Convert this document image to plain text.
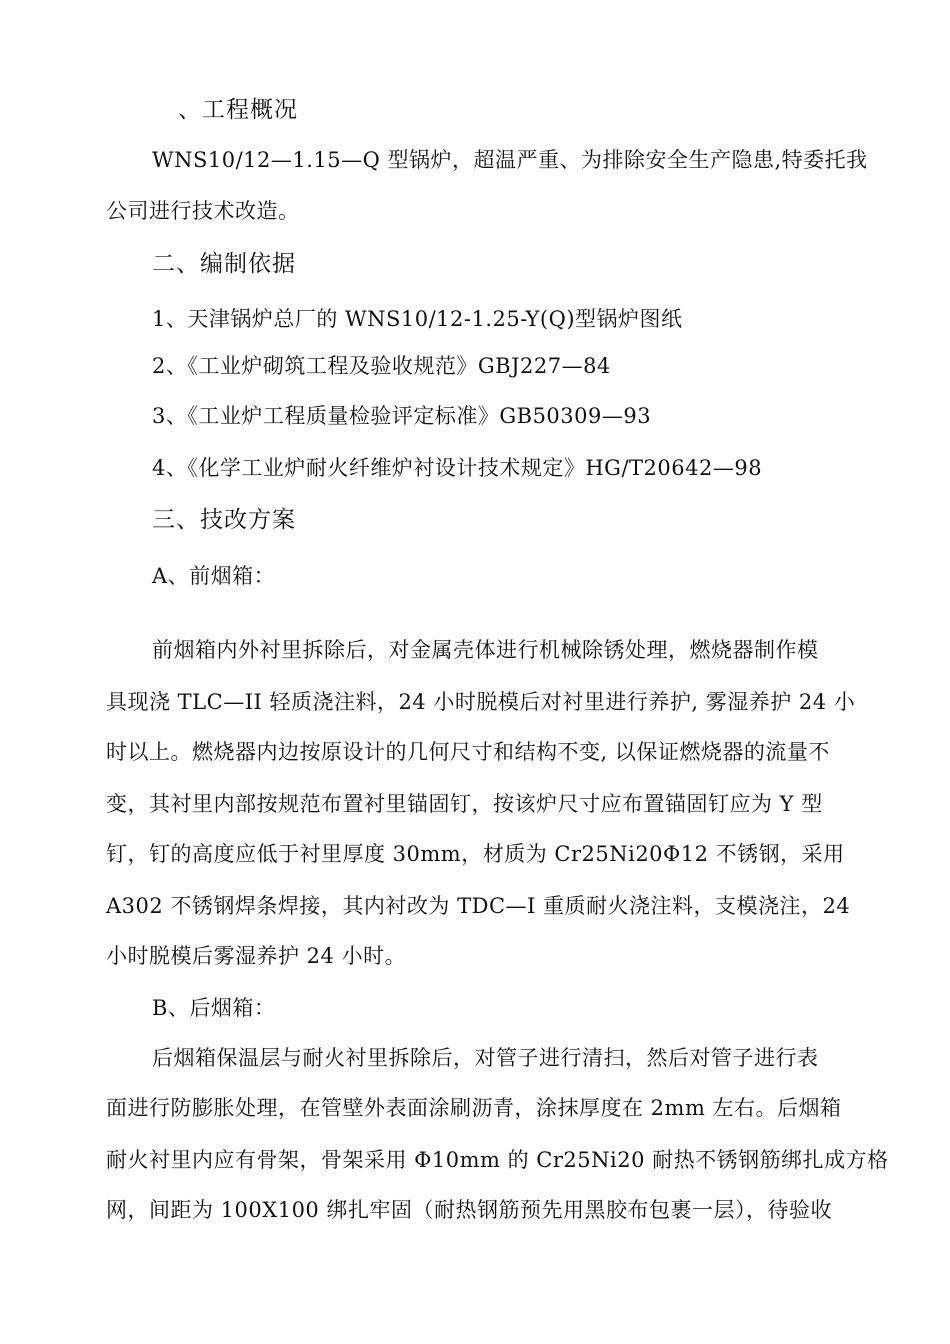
、工程概况
WNS10/12—1.15—Q 型锅炉，超温严重、为排除安全生产隐患,特委托我
公司进行技术改造。
二、编制依据
1、天津锅炉总厂的 WNS10/12-1.25-Y(Q)型锅炉图纸
2、《工业炉砌筑工程及验收规范》GBJ227—84
3、《工业炉工程质量检验评定标准》GB50309—93
4、《化学工业炉耐火纤维炉衬设计技术规定》HG/T20642—98
三、技改方案
A、前烟箱：
前烟箱内外衬里拆除后，对金属壳体进行机械除锈处理，燃烧器制作模
具现浇 TLC—II 轻质浇注料，24 小时脱模后对衬里进行养护, 雾湿养护 24 小
时以上。燃烧器内边按原设计的几何尺寸和结构不变, 以保证燃烧器的流量不
变，其衬里内部按规范布置衬里锚固钉，按该炉尺寸应布置锚固钉应为 Y 型
钉，钉的高度应低于衬里厚度 30mm，材质为 Cr25Ni20Φ12 不锈钢，采用
A302 不锈钢焊条焊接，其内衬改为 TDC—I 重质耐火浇注料，支模浇注，24
小时脱模后雾湿养护 24 小时。
B、后烟箱：
后烟箱保温层与耐火衬里拆除后，对管子进行清扫，然后对管子进行表
面进行防膨胀处理，在管壁外表面涂刷沥青，涂抹厚度在 2mm 左右。后烟箱
耐火衬里内应有骨架，骨架采用 Φ10mm 的 Cr25Ni20 耐热不锈钢筋绑扎成方格
网，间距为 100X100 绑扎牢固（耐热钢筋预先用黑胶布包裹一层），待验收
